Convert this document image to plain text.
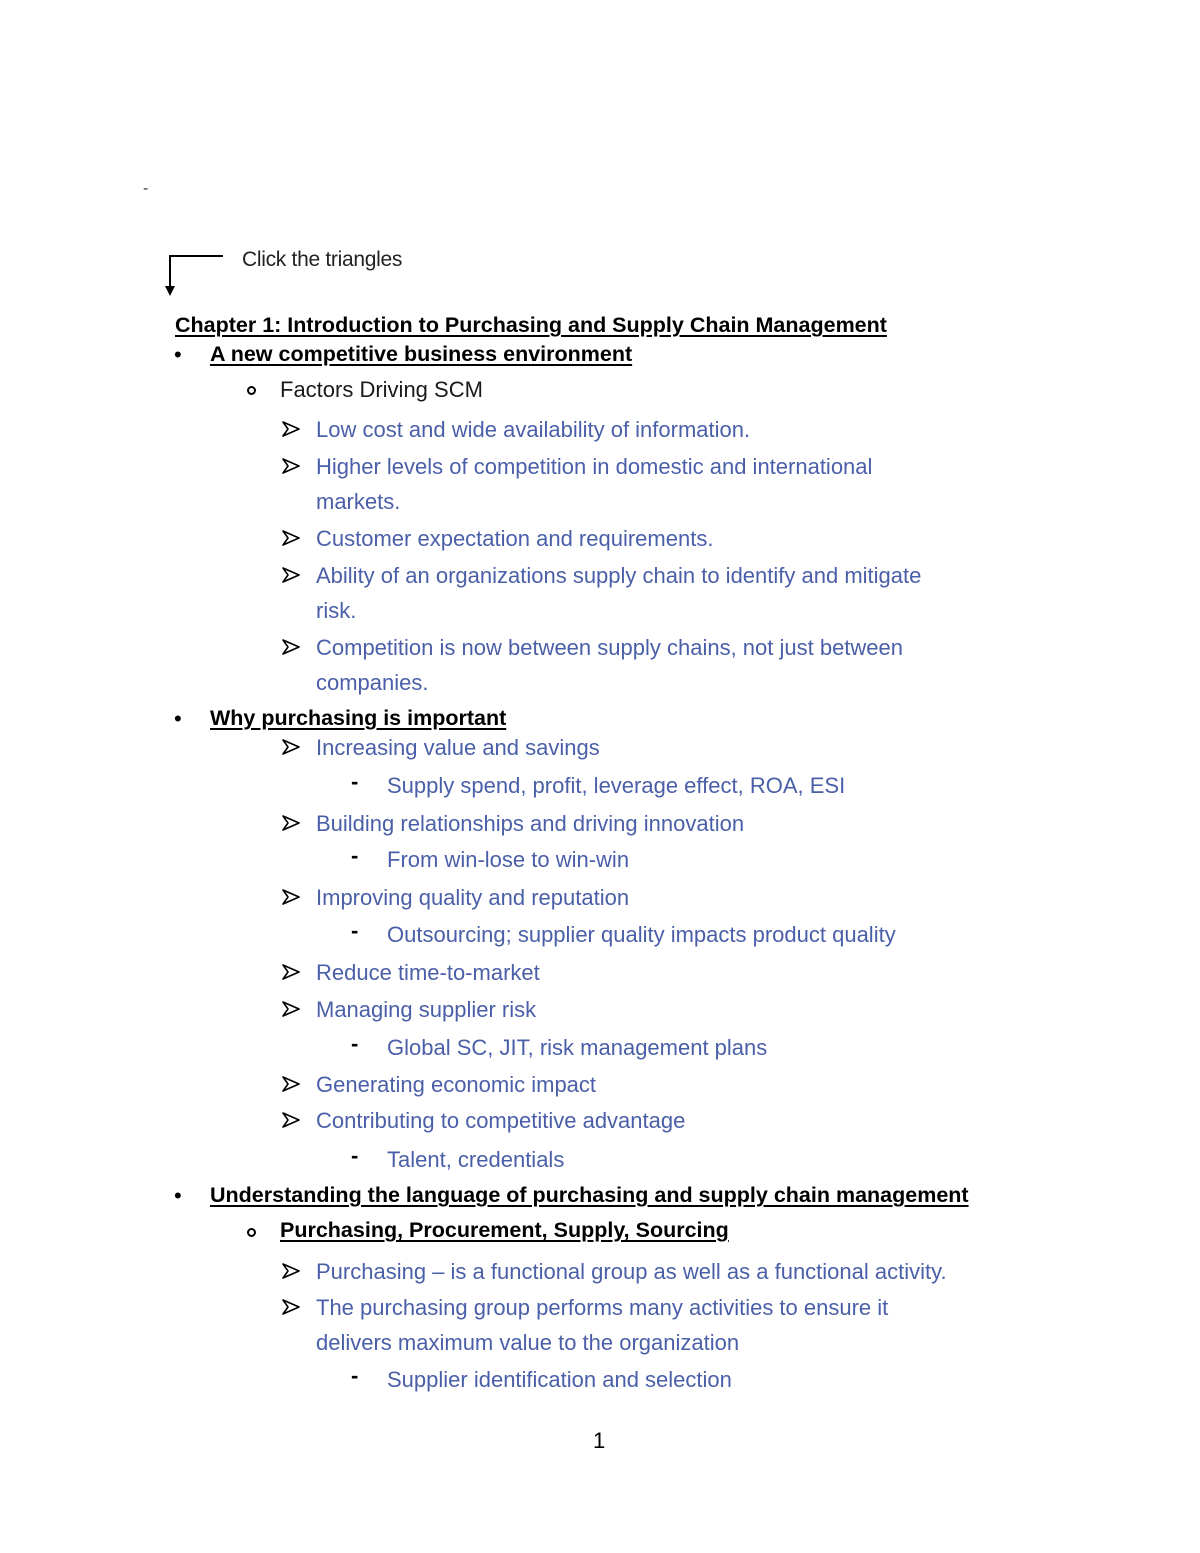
-
Click the triangles
Chapter 1: Introduction to Purchasing and Supply Chain Management
• A new competitive business environment
Factors Driving SCM
Low cost and wide availability of information.
Higher levels of competition in domestic and international
markets.
Customer expectation and requirements.
Ability of an organizations supply chain to identify and mitigate
risk.
Competition is now between supply chains, not just between
companies.
• Why purchasing is important
Increasing value and savings
- Supply spend, profit, leverage effect, ROA, ESI
Building relationships and driving innovation
- From win-lose to win-win
Improving quality and reputation
- Outsourcing; supplier quality impacts product quality
Reduce time-to-market
Managing supplier risk
- Global SC, JIT, risk management plans
Generating economic impact
Contributing to competitive advantage
- Talent, credentials
• Understanding the language of purchasing and supply chain management
Purchasing, Procurement, Supply, Sourcing
Purchasing – is a functional group as well as a functional activity.
The purchasing group performs many activities to ensure it
delivers maximum value to the organization
- Supplier identification and selection
1
